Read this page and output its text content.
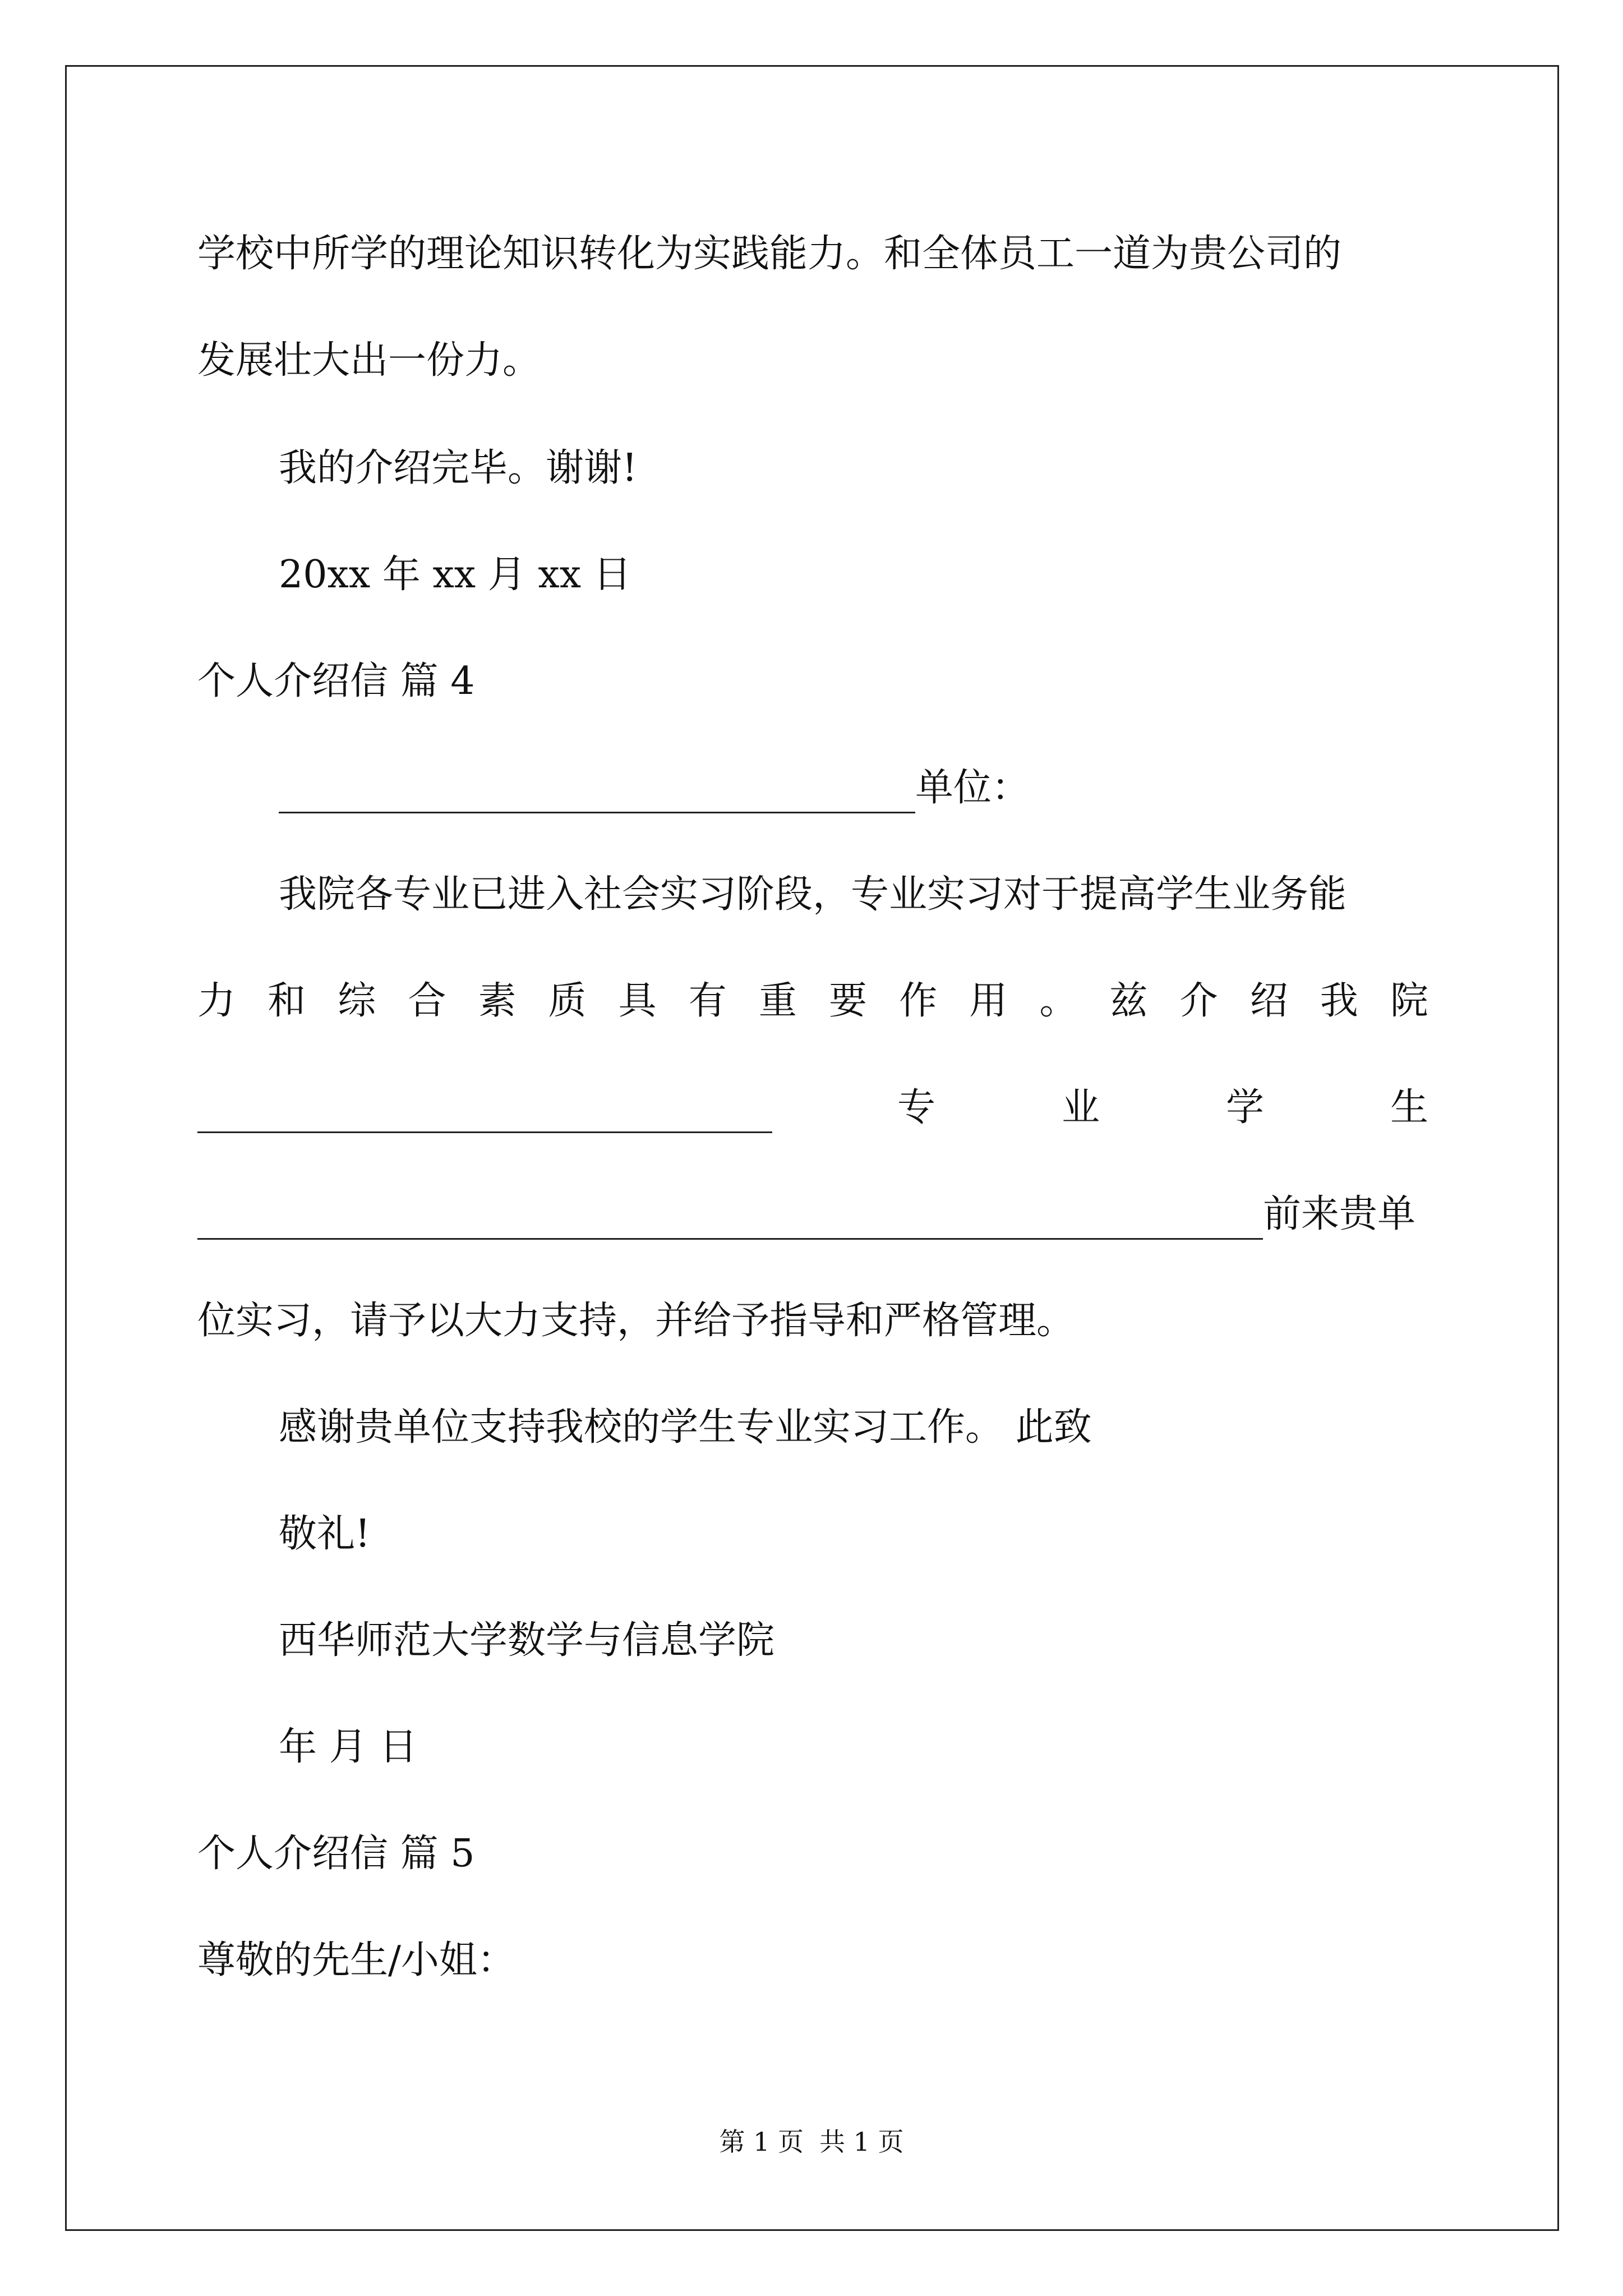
学校中所学的理论知识转化为实践能力。和全体员工一道为贵公司的
发展壮大出一份力。
我的介绍完毕。谢谢!
20xx 年 xx 月 xx 日
个人介绍信 篇 4
单位：
我院各专业已进入社会实习阶段，专业实习对于提高学生业务能
力 和 综 合 素 质 具 有 重 要 作 用 。 兹 介 绍 我 院
专	业	学	生
前来贵单
位实习，请予以大力支持，并给予指导和严格管理。
感谢贵单位支持我校的学生专业实习工作。 此致
敬礼!
西华师范大学数学与信息学院
年 月 日
个人介绍信 篇 5
尊敬的先生/小姐：
第 1 页 共 1 页
